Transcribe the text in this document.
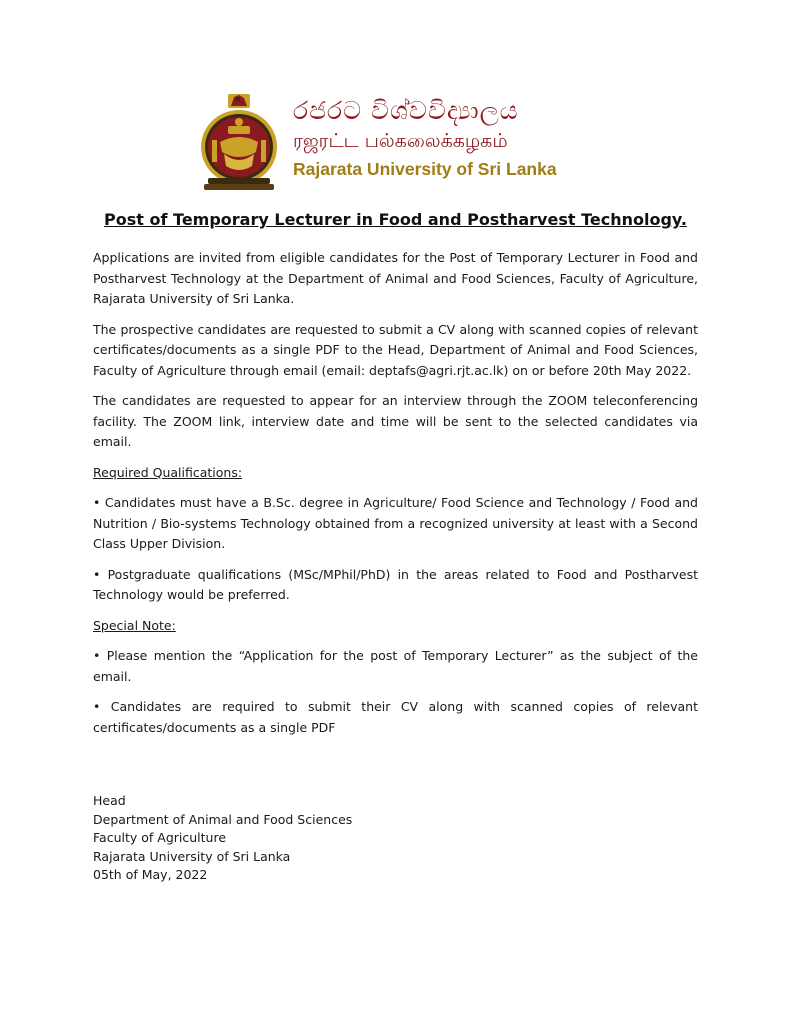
රජරට විශ්වවිද්‍යාලය
ரஜரட்ட பல்கலைக்கழகம்
Rajarata University of Sri Lanka
Post of Temporary Lecturer in Food and Postharvest Technology.

Applications are invited from eligible candidates for the Post of Temporary Lecturer in Food and Postharvest Technology at the Department of Animal and Food Sciences, Faculty of Agriculture, Rajarata University of Sri Lanka.

The prospective candidates are requested to submit a CV along with scanned copies of relevant certificates/documents as a single PDF to the Head, Department of Animal and Food Sciences, Faculty of Agriculture through email (email: deptafs@agri.rjt.ac.lk) on or before 20th May 2022.

The candidates are requested to appear for an interview through the ZOOM teleconferencing facility. The ZOOM link, interview date and time will be sent to the selected candidates via email.

Required Qualifications:

• Candidates must have a B.Sc. degree in Agriculture/ Food Science and Technology / Food and Nutrition / Bio-systems Technology obtained from a recognized university at least with a Second Class Upper Division.

• Postgraduate qualifications (MSc/MPhil/PhD) in the areas related to Food and Postharvest Technology would be preferred.

Special Note:

• Please mention the “Application for the post of Temporary Lecturer” as the subject of the email.

• Candidates are required to submit their CV along with scanned copies of relevant certificates/documents as a single PDF

Head
Department of Animal and Food Sciences
Faculty of Agriculture
Rajarata University of Sri Lanka
05th of May, 2022
